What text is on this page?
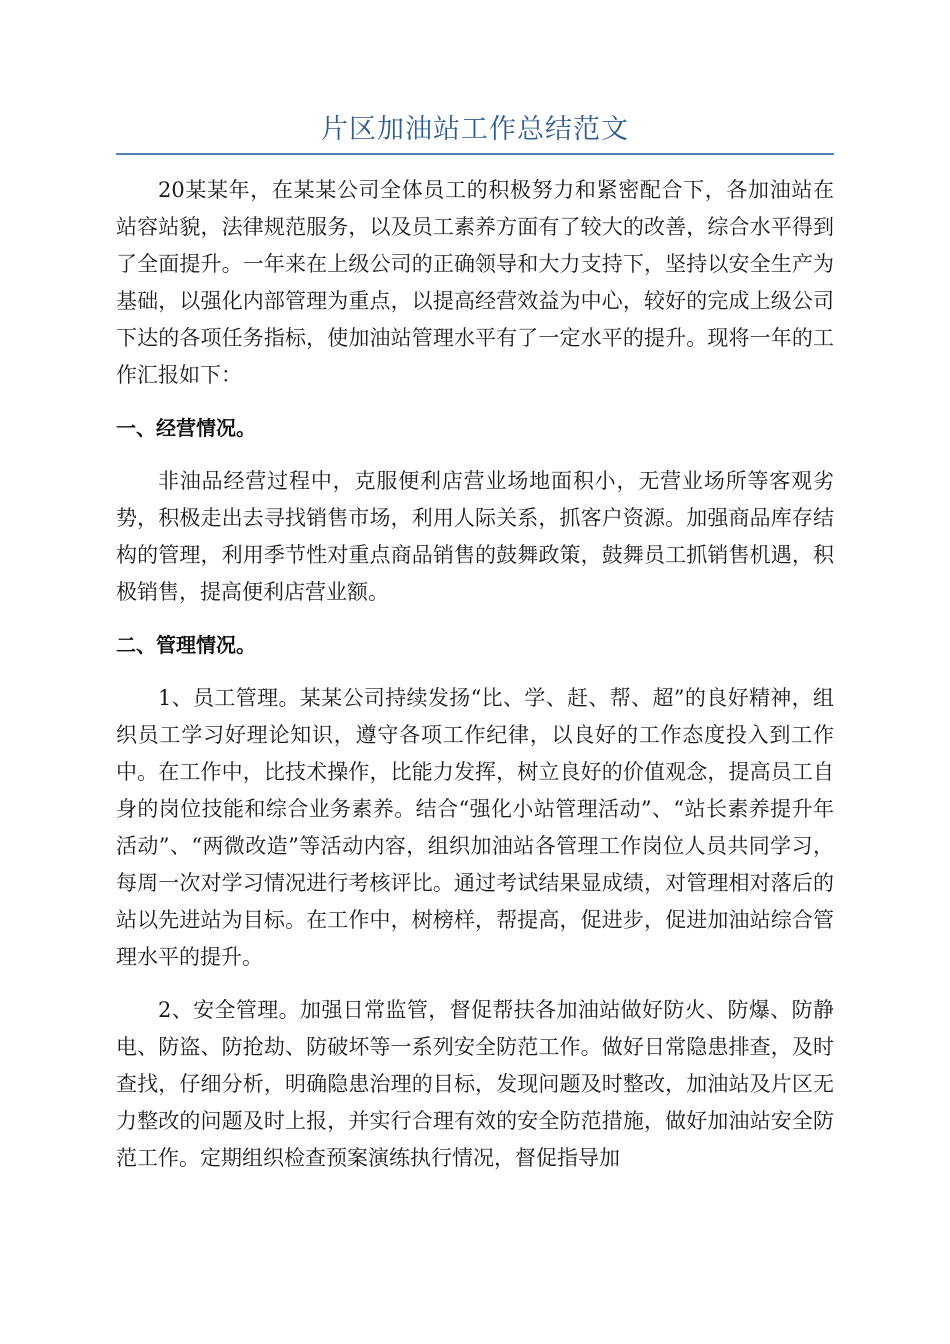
片区加油站工作总结范文

20某某年，在某某公司全体员工的积极努力和紧密配合下，各加油站在站容站貌，法律规范服务，以及员工素养方面有了较大的改善，综合水平得到了全面提升。一年来在上级公司的正确领导和大力支持下，坚持以安全生产为基础，以强化内部管理为重点，以提高经营效益为中心，较好的完成上级公司下达的各项任务指标，使加油站管理水平有了一定水平的提升。现将一年的工作汇报如下：

一、经营情况。

非油品经营过程中，克服便利店营业场地面积小，无营业场所等客观劣势，积极走出去寻找销售市场，利用人际关系，抓客户资源。加强商品库存结构的管理，利用季节性对重点商品销售的鼓舞政策，鼓舞员工抓销售机遇，积极销售，提高便利店营业额。

二、管理情况。

1、员工管理。某某公司持续发扬“比、学、赶、帮、超”的良好精神，组织员工学习好理论知识，遵守各项工作纪律，以良好的工作态度投入到工作中。在工作中，比技术操作，比能力发挥，树立良好的价值观念，提高员工自身的岗位技能和综合业务素养。结合“强化小站管理活动”、“站长素养提升年活动”、“两微改造”等活动内容，组织加油站各管理工作岗位人员共同学习，每周一次对学习情况进行考核评比。通过考试结果显成绩，对管理相对落后的站以先进站为目标。在工作中，树榜样，帮提高，促进步，促进加油站综合管理水平的提升。

2、安全管理。加强日常监管，督促帮扶各加油站做好防火、防爆、防静电、防盗、防抢劫、防破坏等一系列安全防范工作。做好日常隐患排查，及时查找，仔细分析，明确隐患治理的目标，发现问题及时整改，加油站及片区无力整改的问题及时上报，并实行合理有效的安全防范措施，做好加油站安全防范工作。定期组织检查预案演练执行情况，督促指导加
